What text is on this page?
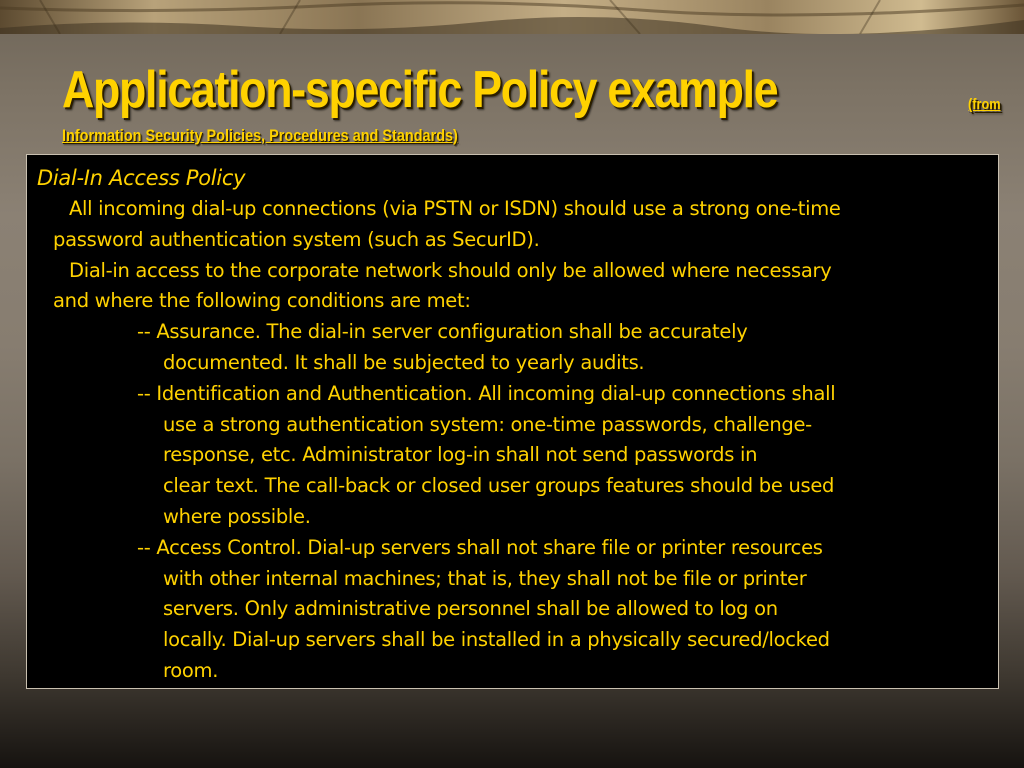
Application-specific Policy example	(from
Information Security Policies, Procedures and Standards)
Dial-In Access Policy
All incoming dial-up connections (via PSTN or ISDN) should use a strong one-time
password authentication system (such as SecurID).
Dial-in access to the corporate network should only be allowed where necessary
and where the following conditions are met:
-- Assurance. The dial-in server configuration shall be accurately
documented. It shall be subjected to yearly audits.
-- Identification and Authentication. All incoming dial-up connections shall
use a strong authentication system: one-time passwords, challenge-
response, etc. Administrator log-in shall not send passwords in
clear text. The call-back or closed user groups features should be used
where possible.
-- Access Control. Dial-up servers shall not share file or printer resources
with other internal machines; that is, they shall not be file or printer
servers. Only administrative personnel shall be allowed to log on
locally. Dial-up servers shall be installed in a physically secured/locked
room.
